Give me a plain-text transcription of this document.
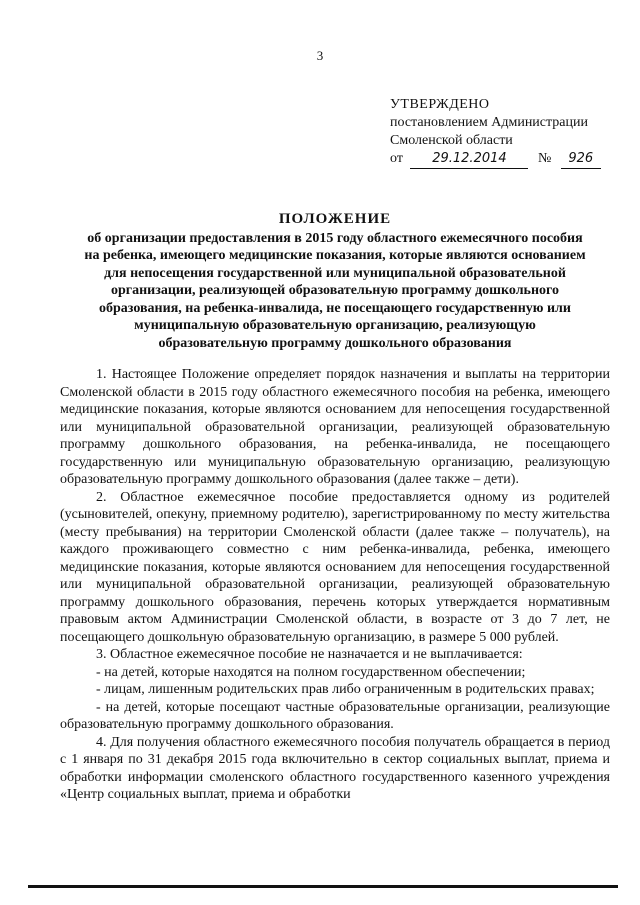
3
УТВЕРЖДЕНО
постановлением Администрации
Смоленской области
от 29.12.2014 № 926
ПОЛОЖЕНИЕ
об организации предоставления в 2015 году областного ежемесячного пособия
на ребенка, имеющего медицинские показания, которые являются основанием
для непосещения государственной или муниципальной образовательной
организации, реализующей образовательную программу дошкольного
образования, на ребенка-инвалида, не посещающего государственную или
муниципальную образовательную организацию, реализующую
образовательную программу дошкольного образования

1. Настоящее Положение определяет порядок назначения и выплаты на территории Смоленской области в 2015 году областного ежемесячного пособия на ребенка, имеющего медицинские показания, которые являются основанием для непосещения государственной или муниципальной образовательной организации, реализующей образовательную программу дошкольного образования, на ребенка-инвалида, не посещающего государственную или муниципальную образовательную организацию, реализующую образовательную программу дошкольного образования (далее также – дети).

2. Областное ежемесячное пособие предоставляется одному из родителей (усыновителей, опекуну, приемному родителю), зарегистрированному по месту жительства (месту пребывания) на территории Смоленской области (далее также – получатель), на каждого проживающего совместно с ним ребенка-инвалида, ребенка, имеющего медицинские показания, которые являются основанием для непосещения государственной или муниципальной образовательной организации, реализующей образовательную программу дошкольного образования, перечень которых утверждается нормативным правовым актом Администрации Смоленской области, в возрасте от 3 до 7 лет, не посещающего дошкольную образовательную организацию, в размере 5 000 рублей.

3. Областное ежемесячное пособие не назначается и не выплачивается:

- на детей, которые находятся на полном государственном обеспечении;

- лицам, лишенным родительских прав либо ограниченным в родительских правах;

- на детей, которые посещают частные образовательные организации, реализующие образовательную программу дошкольного образования.

4. Для получения областного ежемесячного пособия получатель обращается в период с 1 января по 31 декабря 2015 года включительно в сектор социальных выплат, приема и обработки информации смоленского областного государственного казенного учреждения «Центр социальных выплат, приема и обработки
